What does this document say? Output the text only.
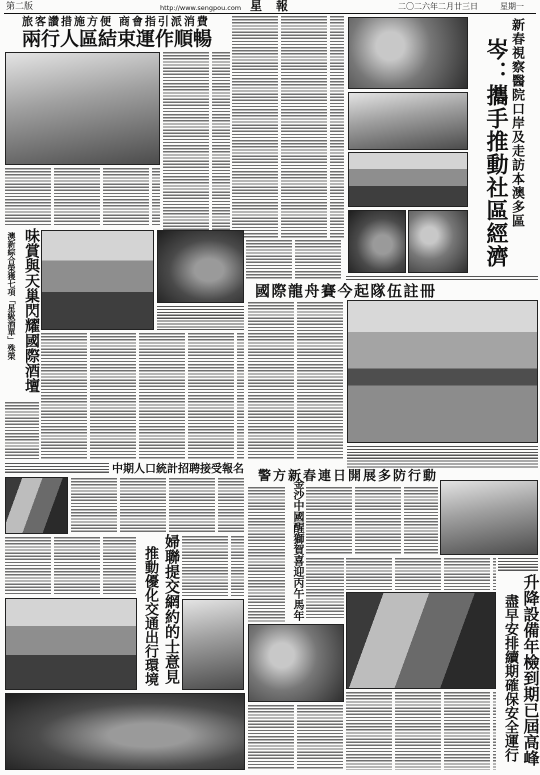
第二版	http://www.sengpou.com 星報	二〇二六年二月廿三日	星期一
旅客讚措施方便 商會指引派消費
兩行人區結束運作順暢	新春視察醫院口岸及走訪本澳多區
岑：攜手推動社區經濟
國際龍舟賽今起隊伍註冊
澳新綜合榮獲七項「星級酒單」殊榮 味賞與天巢閃耀國際酒壇
中期人口統計招聘接受報名
警方新春連日開展多防行動
金沙中國醒獅賀喜迎丙午馬年
婦聯提交網約的士意見
推動優化交通出行環境	升降設備年檢到期已屆高峰
盡早安排續期確保安全運行
